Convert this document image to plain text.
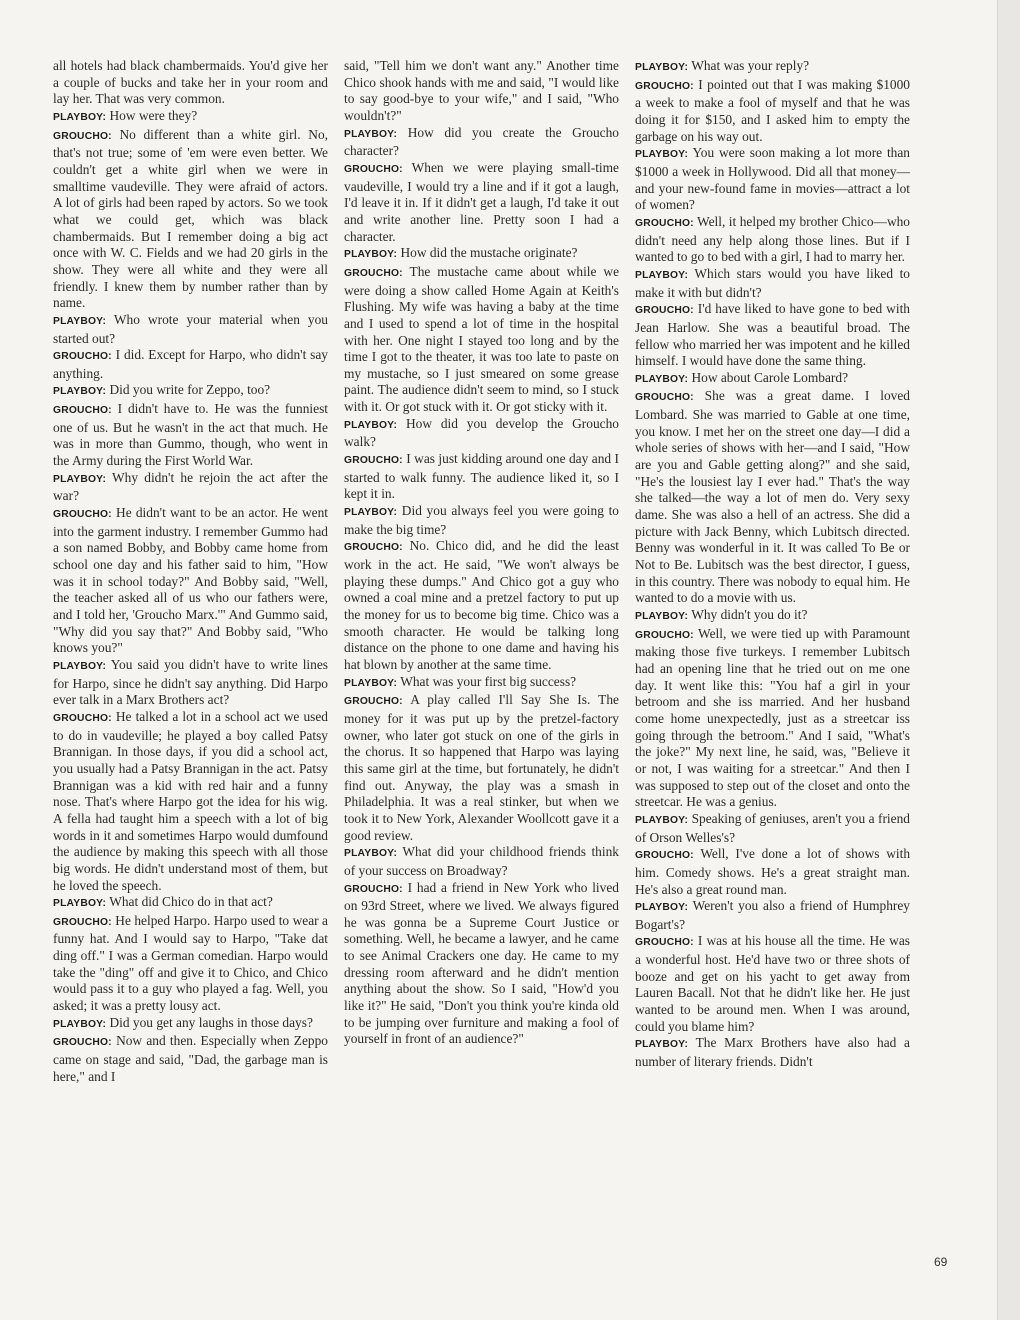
all hotels had black chambermaids. You'd give her a couple of bucks and take her in your room and lay her. That was very common.

PLAYBOY: How were they?

GROUCHO: No different than a white girl. No, that's not true; some of 'em were even better. We couldn't get a white girl when we were in smalltime vaudeville. They were afraid of actors. A lot of girls had been raped by actors. So we took what we could get, which was black chambermaids. But I remember doing a big act once with W. C. Fields and we had 20 girls in the show. They were all white and they were all friendly. I knew them by number rather than by name.

PLAYBOY: Who wrote your material when you started out?

GROUCHO: I did. Except for Harpo, who didn't say anything.

PLAYBOY: Did you write for Zeppo, too?

GROUCHO: I didn't have to. He was the funniest one of us. But he wasn't in the act that much. He was in more than Gummo, though, who went in the Army during the First World War.

PLAYBOY: Why didn't he rejoin the act after the war?

GROUCHO: He didn't want to be an actor. He went into the garment industry. I remember Gummo had a son named Bobby, and Bobby came home from school one day and his father said to him, "How was it in school today?" And Bobby said, "Well, the teacher asked all of us who our fathers were, and I told her, 'Groucho Marx.'" And Gummo said, "Why did you say that?" And Bobby said, "Who knows you?"

PLAYBOY: You said you didn't have to write lines for Harpo, since he didn't say anything. Did Harpo ever talk in a Marx Brothers act?

GROUCHO: He talked a lot in a school act we used to do in vaudeville; he played a boy called Patsy Brannigan. In those days, if you did a school act, you usually had a Patsy Brannigan in the act. Patsy Brannigan was a kid with red hair and a funny nose. That's where Harpo got the idea for his wig. A fella had taught him a speech with a lot of big words in it and sometimes Harpo would dumfound the audience by making this speech with all those big words. He didn't understand most of them, but he loved the speech.

PLAYBOY: What did Chico do in that act?

GROUCHO: He helped Harpo. Harpo used to wear a funny hat. And I would say to Harpo, "Take dat ding off." I was a German comedian. Harpo would take the "ding" off and give it to Chico, and Chico would pass it to a guy who played a fag. Well, you asked; it was a pretty lousy act.

PLAYBOY: Did you get any laughs in those days?

GROUCHO: Now and then. Especially when Zeppo came on stage and said, "Dad, the garbage man is here," and I

said, "Tell him we don't want any." Another time Chico shook hands with me and said, "I would like to say good-bye to your wife," and I said, "Who wouldn't?"

PLAYBOY: How did you create the Groucho character?

GROUCHO: When we were playing small-time vaudeville, I would try a line and if it got a laugh, I'd leave it in. If it didn't get a laugh, I'd take it out and write another line. Pretty soon I had a character.

PLAYBOY: How did the mustache originate?

GROUCHO: The mustache came about while we were doing a show called Home Again at Keith's Flushing. My wife was having a baby at the time and I used to spend a lot of time in the hospital with her. One night I stayed too long and by the time I got to the theater, it was too late to paste on my mustache, so I just smeared on some grease paint. The audience didn't seem to mind, so I stuck with it. Or got stuck with it. Or got sticky with it.

PLAYBOY: How did you develop the Groucho walk?

GROUCHO: I was just kidding around one day and I started to walk funny. The audience liked it, so I kept it in.

PLAYBOY: Did you always feel you were going to make the big time?

GROUCHO: No. Chico did, and he did the least work in the act. He said, "We won't always be playing these dumps." And Chico got a guy who owned a coal mine and a pretzel factory to put up the money for us to become big time. Chico was a smooth character. He would be talking long distance on the phone to one dame and having his hat blown by another at the same time.

PLAYBOY: What was your first big success?

GROUCHO: A play called I'll Say She Is. The money for it was put up by the pretzel-factory owner, who later got stuck on one of the girls in the chorus. It so happened that Harpo was laying this same girl at the time, but fortunately, he didn't find out. Anyway, the play was a smash in Philadelphia. It was a real stinker, but when we took it to New York, Alexander Woollcott gave it a good review.

PLAYBOY: What did your childhood friends think of your success on Broadway?

GROUCHO: I had a friend in New York who lived on 93rd Street, where we lived. We always figured he was gonna be a Supreme Court Justice or something. Well, he became a lawyer, and he came to see Animal Crackers one day. He came to my dressing room afterward and he didn't mention anything about the show. So I said, "How'd you like it?" He said, "Don't you think you're kinda old to be jumping over furniture and making a fool of yourself in front of an audience?"

PLAYBOY: What was your reply?

GROUCHO: I pointed out that I was making $1000 a week to make a fool of myself and that he was doing it for $150, and I asked him to empty the garbage on his way out.

PLAYBOY: You were soon making a lot more than $1000 a week in Hollywood. Did all that money—and your new-found fame in movies—attract a lot of women?

GROUCHO: Well, it helped my brother Chico—who didn't need any help along those lines. But if I wanted to go to bed with a girl, I had to marry her.

PLAYBOY: Which stars would you have liked to make it with but didn't?

GROUCHO: I'd have liked to have gone to bed with Jean Harlow. She was a beautiful broad. The fellow who married her was impotent and he killed himself. I would have done the same thing.

PLAYBOY: How about Carole Lombard?

GROUCHO: She was a great dame. I loved Lombard. She was married to Gable at one time, you know. I met her on the street one day—I did a whole series of shows with her—and I said, "How are you and Gable getting along?" and she said, "He's the lousiest lay I ever had." That's the way she talked—the way a lot of men do. Very sexy dame. She was also a hell of an actress. She did a picture with Jack Benny, which Lubitsch directed. Benny was wonderful in it. It was called To Be or Not to Be. Lubitsch was the best director, I guess, in this country. There was nobody to equal him. He wanted to do a movie with us.

PLAYBOY: Why didn't you do it?

GROUCHO: Well, we were tied up with Paramount making those five turkeys. I remember Lubitsch had an opening line that he tried out on me one day. It went like this: "You haf a girl in your betroom and she iss married. And her husband come home unexpectedly, just as a streetcar iss going through the betroom." And I said, "What's the joke?" My next line, he said, was, "Believe it or not, I was waiting for a streetcar." And then I was supposed to step out of the closet and onto the streetcar. He was a genius.

PLAYBOY: Speaking of geniuses, aren't you a friend of Orson Welles's?

GROUCHO: Well, I've done a lot of shows with him. Comedy shows. He's a great straight man. He's also a great round man.

PLAYBOY: Weren't you also a friend of Humphrey Bogart's?

GROUCHO: I was at his house all the time. He was a wonderful host. He'd have two or three shots of booze and get on his yacht to get away from Lauren Bacall. Not that he didn't like her. He just wanted to be around men. When I was around, could you blame him?

PLAYBOY: The Marx Brothers have also had a number of literary friends. Didn't

69
